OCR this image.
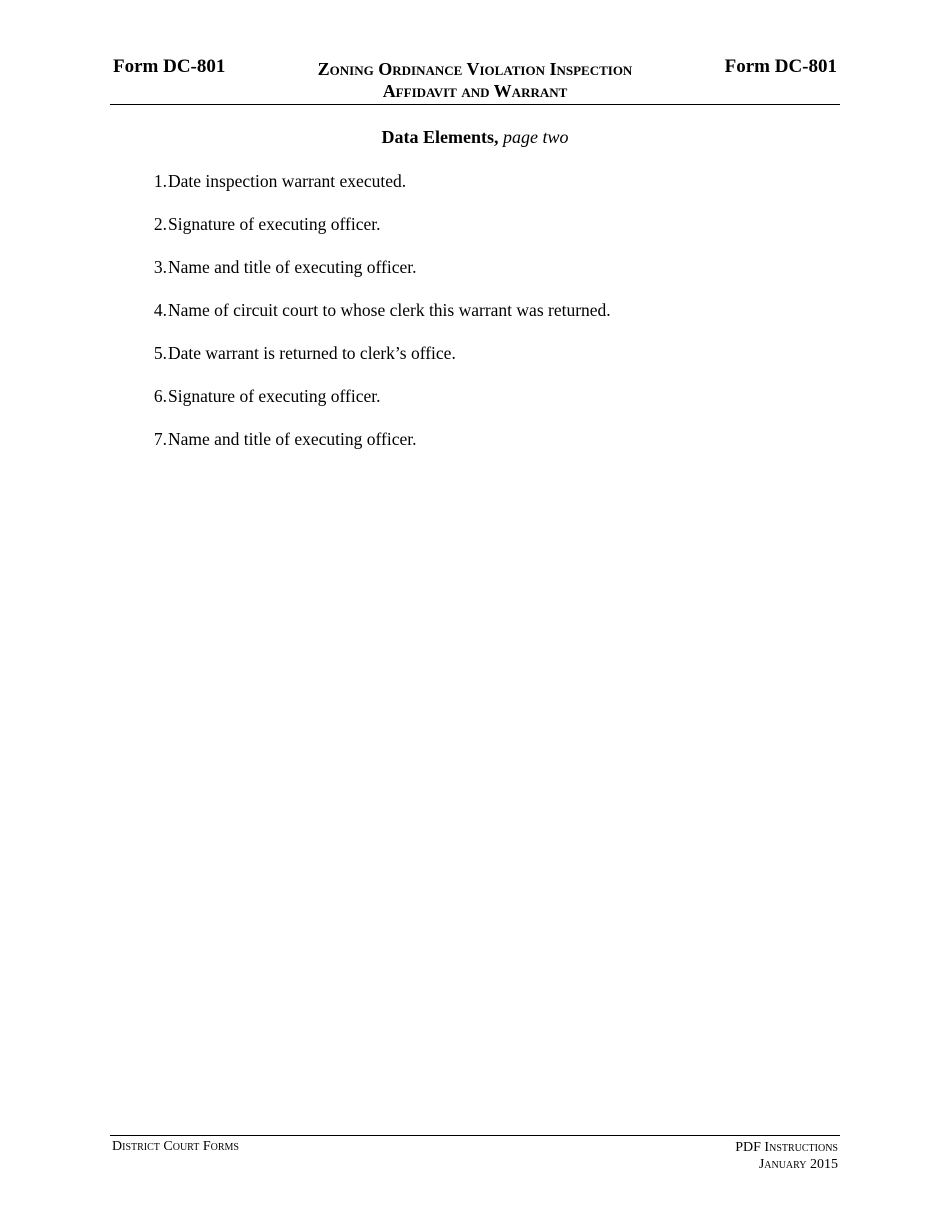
Form DC-801	Zoning Ordinance Violation Inspection
Affidavit and Warrant
Form DC-801
Data Elements, page two
1. Date inspection warrant executed.
2. Signature of executing officer.
3. Name and title of executing officer.
4. Name of circuit court to whose clerk this warrant was returned.
5. Date warrant is returned to clerk’s office.
6. Signature of executing officer.
7. Name and title of executing officer.
District Court Forms	PDF Instructions
January 2015
